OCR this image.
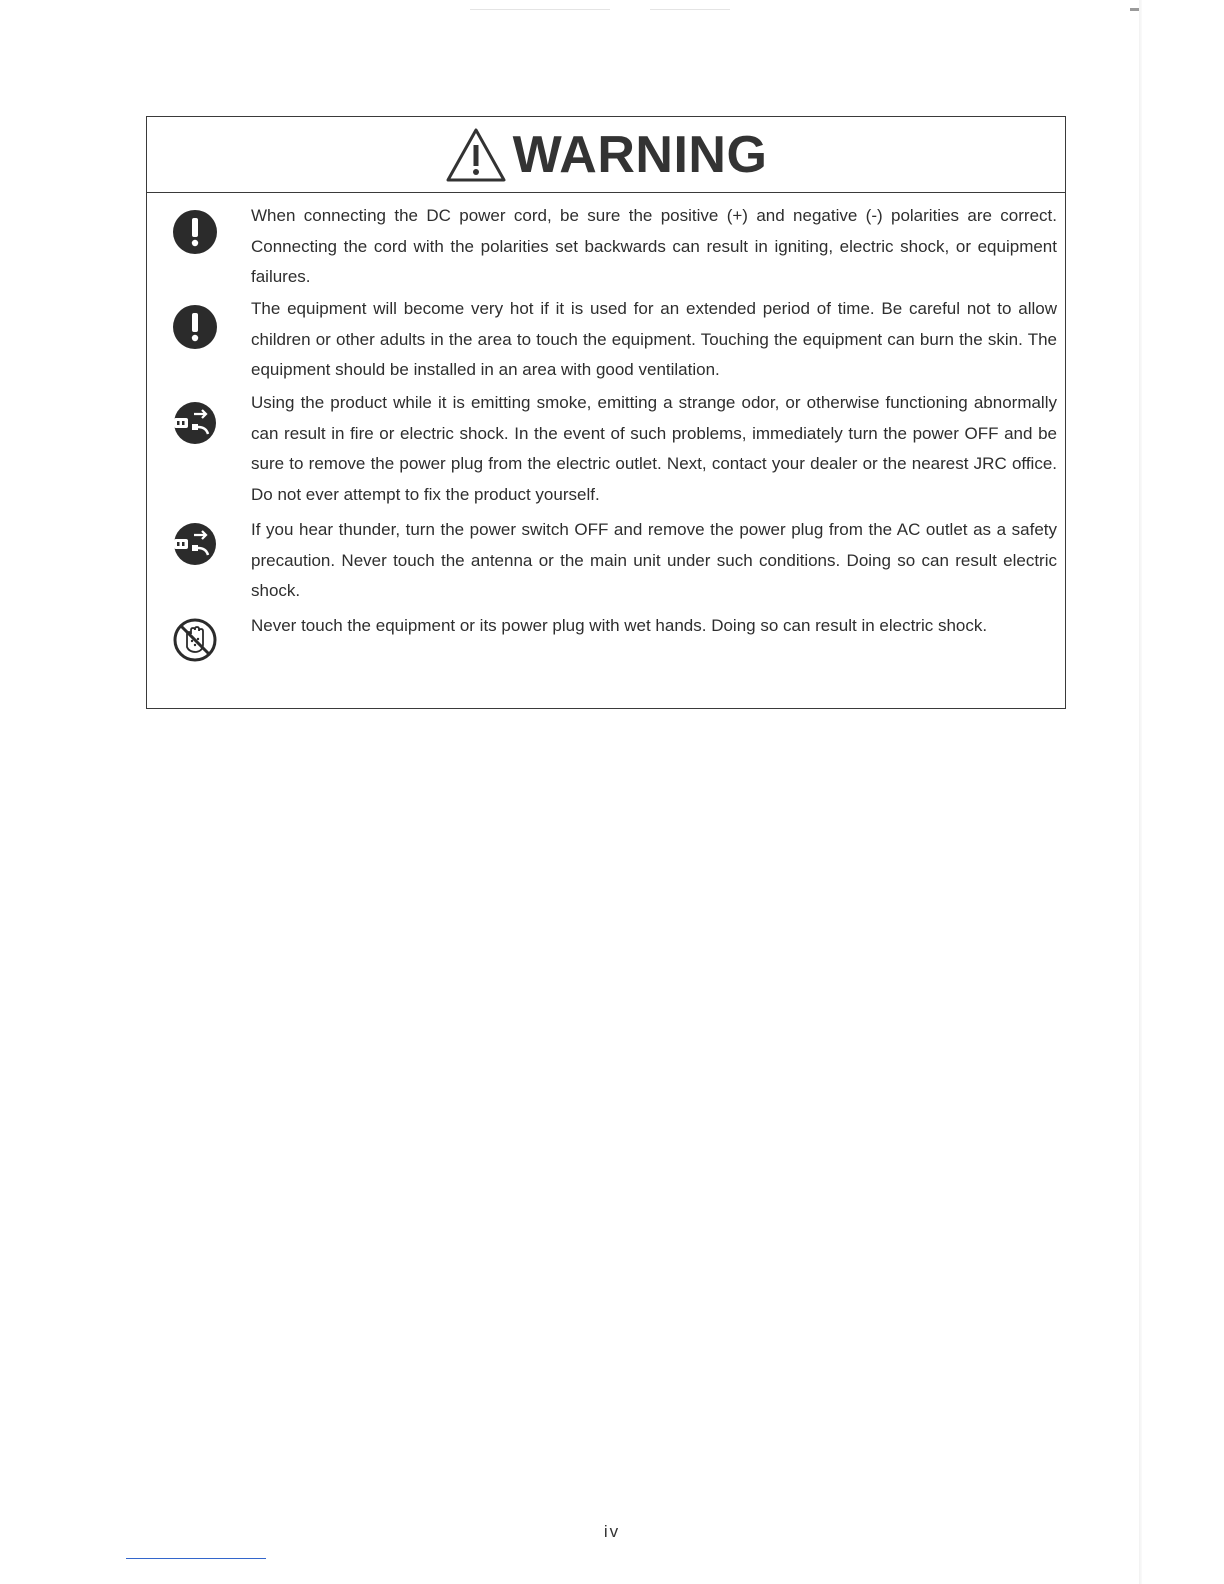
WARNING
When connecting the DC power cord, be sure the positive (+) and negative (-) polarities are correct. Connecting the cord with the polarities set backwards can result in igniting, electric shock, or equipment failures.
The equipment will become very hot if it is used for an extended period of time. Be careful not to allow children or other adults in the area to touch the equipment. Touching the equipment can burn the skin. The equipment should be installed in an area with good ventilation.
Using the product while it is emitting smoke, emitting a strange odor, or otherwise functioning abnormally can result in fire or electric shock. In the event of such problems, immediately turn the power OFF and be sure to remove the power plug from the electric outlet. Next, contact your dealer or the nearest JRC office. Do not ever attempt to fix the product yourself.
If you hear thunder, turn the power switch OFF and remove the power plug from the AC outlet as a safety precaution. Never touch the antenna or the main unit under such conditions. Doing so can result electric shock.
Never touch the equipment or its power plug with wet hands. Doing so can result in electric shock.
iv
